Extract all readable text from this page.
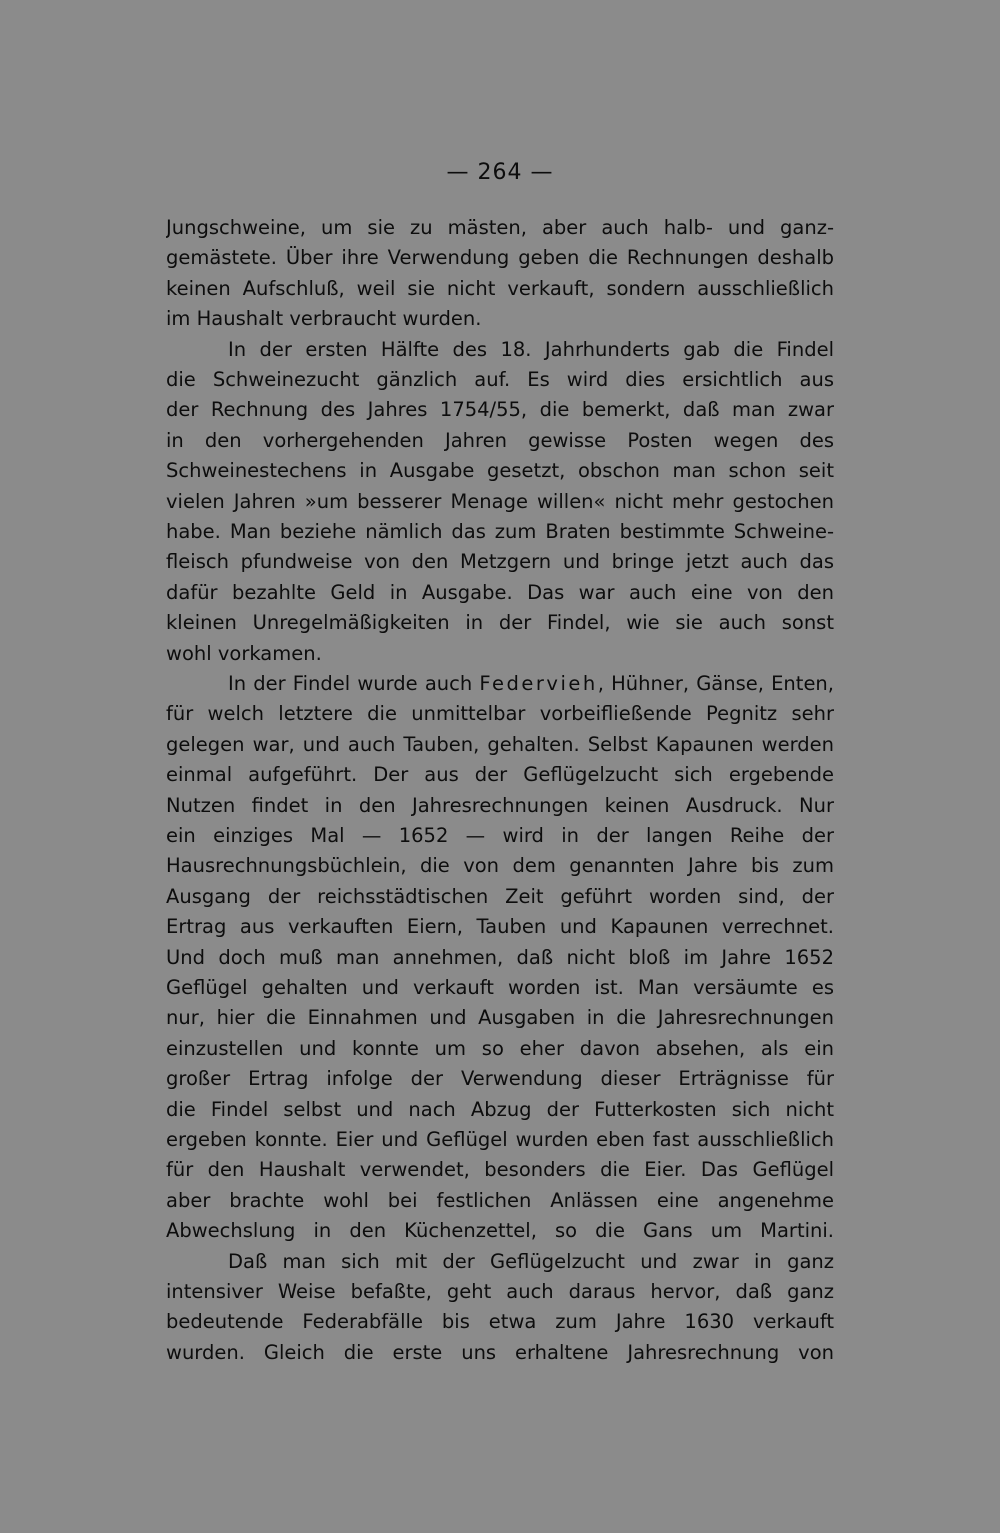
— 264 —
Jungschweine, um sie zu mästen, aber auch halb- und ganz-
gemästete. Über ihre Verwendung geben die Rechnungen deshalb
keinen Aufschluß, weil sie nicht verkauft, sondern ausschließlich
im Haushalt verbraucht wurden.
In der ersten Hälfte des 18. Jahrhunderts gab die Findel
die Schweinezucht gänzlich auf. Es wird dies ersichtlich aus
der Rechnung des Jahres 1754/55, die bemerkt, daß man zwar
in den vorhergehenden Jahren gewisse Posten wegen des
Schweinestechens in Ausgabe gesetzt, obschon man schon seit
vielen Jahren »um besserer Menage willen« nicht mehr gestochen
habe. Man beziehe nämlich das zum Braten bestimmte Schweine-
fleisch pfundweise von den Metzgern und bringe jetzt auch das
dafür bezahlte Geld in Ausgabe. Das war auch eine von den
kleinen Unregelmäßigkeiten in der Findel, wie sie auch sonst
wohl vorkamen.
In der Findel wurde auch Federvieh, Hühner, Gänse, Enten,
für welch letztere die unmittelbar vorbeifließende Pegnitz sehr
gelegen war, und auch Tauben, gehalten. Selbst Kapaunen werden
einmal aufgeführt. Der aus der Geflügelzucht sich ergebende
Nutzen findet in den Jahresrechnungen keinen Ausdruck. Nur
ein einziges Mal — 1652 — wird in der langen Reihe der
Hausrechnungsbüchlein, die von dem genannten Jahre bis zum
Ausgang der reichsstädtischen Zeit geführt worden sind, der
Ertrag aus verkauften Eiern, Tauben und Kapaunen verrechnet.
Und doch muß man annehmen, daß nicht bloß im Jahre 1652
Geflügel gehalten und verkauft worden ist. Man versäumte es
nur, hier die Einnahmen und Ausgaben in die Jahresrechnungen
einzustellen und konnte um so eher davon absehen, als ein
großer Ertrag infolge der Verwendung dieser Erträgnisse für
die Findel selbst und nach Abzug der Futterkosten sich nicht
ergeben konnte. Eier und Geflügel wurden eben fast ausschließlich
für den Haushalt verwendet, besonders die Eier. Das Geflügel
aber brachte wohl bei festlichen Anlässen eine angenehme
Abwechslung in den Küchenzettel, so die Gans um Martini.
Daß man sich mit der Geflügelzucht und zwar in ganz
intensiver Weise befaßte, geht auch daraus hervor, daß ganz
bedeutende Federabfälle bis etwa zum Jahre 1630 verkauft
wurden. Gleich die erste uns erhaltene Jahresrechnung von
